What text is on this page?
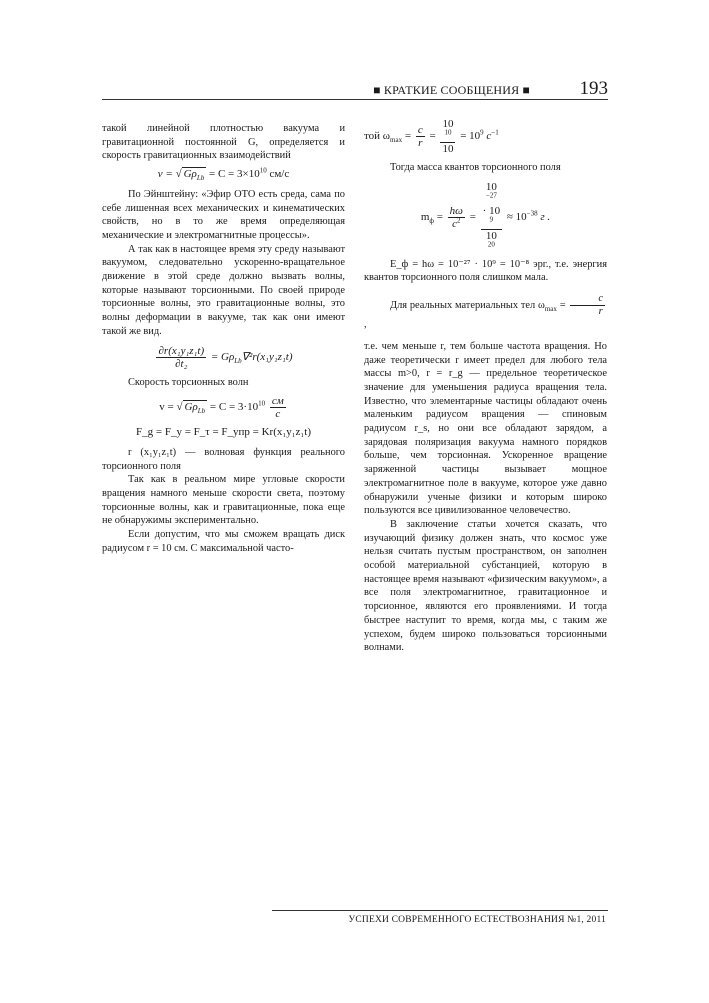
■ КРАТКИЕ СООБЩЕНИЯ ■	193

такой линейной плотностью вакуума и гравитационной постоянной G, определяется и скорость гравитационных взаимодействий

v = √ $G\rho_{Lb} = C = 3\times 10^{10}$ см/с

По Эйнштейну: «Эфир ОТО есть среда, сама по себе лишенная всех механических и кинематических свойств, но в то же время определяющая механические и электромагнитные процессы».

А так как в настоящее время эту среду называют вакуумом, следовательно ускоренно-вращательное движение в этой среде должно вызвать волны, которые называют торсионными. По своей природе торсионные волны, это гравитационные волны, это волны деформации в вакууме, так как они имеют такой же вид.

$\frac{\text{∂r(x₁y₁z₁t)}}{\text{∂t₂}} = G\rho_{Lb}\nabla^2r(x_1y_1z_1t)$

Скорость торсионных волн

v = √ $G\rho_{Lb} = C = 3\cdot 10^{10} \frac{см}{с}$
F_g = F_y = F_τ = F_упр = Kr(x₁y₁z₁t)

r (x₁y₁z₁t) — волновая функция реального торсионного поля

Так как в реальном мире угловые скорости вращения намного меньше скорости света, поэтому торсионные волны, как и гравитационные, пока еще не обнаружимы экспериментально.

Если допустим, что мы сможем вращать диск радиусом r = 10 см. С максимальной часто-

той $\omega_{max} = \frac{c}{r} = 10$
$^{10}$
$10 = 10^9$ $c^{-1}$

Тогда масса квантов торсионного поля

$m_ф = \frac{h\omega}{c^2} = 10$
$^{-27}$
· 10
$^9$
10
$^{20} \approx 10^{-38}$ г .

E_ф = hω = 10⁻²⁷ · 10⁹ = 10⁻⁸ эрг., т.е. энергия квантов торсионного поля слишком мала.

Для реальных материальных тел $\omega_{max} = \frac{c}{r}$
,

т.е. чем меньше r, тем больше частота вращения. Но даже теоретически r имеет предел для любого тела массы m>0, r = r_g — предельное теоретическое значение для уменьшения радиуса вращения тела. Известно, что элементарные частицы обладают очень маленьким радиусом вращения — спиновым радиусом r_s, но они все обладают зарядом, а зарядовая поляризация вакуума намного порядков больше, чем торсионная. Ускоренное вращение заряженной частицы вызывает мощное электромагнитное поле в вакууме, которое уже давно обнаружили ученые физики и которым широко пользуются все цивилизованное человечество.

В заключение статьи хочется сказать, что изучающий физику должен знать, что космос уже нельзя считать пустым пространством, он заполнен особой материальной субстанцией, которую в настоящее время называют «физическим вакуумом», а все поля электромагнитное, гравитационное и торсионное, являются его проявлениями. И тогда быстрее наступит то время, когда мы, с таким же успехом, будем широко пользоваться торсионными волнами.

УСПЕХИ СОВРЕМЕННОГО ЕСТЕСТВОЗНАНИЯ №1, 2011
